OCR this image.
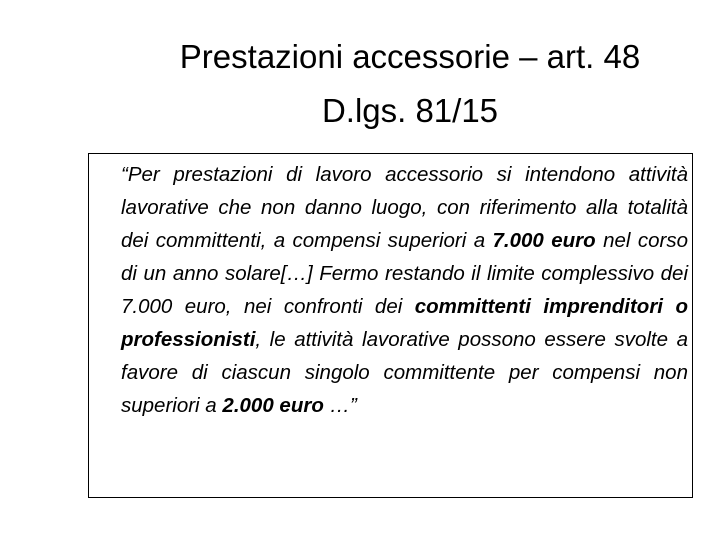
Prestazioni accessorie – art. 48
D.lgs. 81/15

“Per prestazioni di lavoro accessorio si intendono attività lavorative che non danno luogo, con riferimento alla totalità dei committenti, a compensi superiori a 7.000 euro nel corso di un anno solare[…] Fermo restando il limite complessivo dei 7.000 euro, nei confronti dei committenti imprenditori o professionisti, le attività lavorative possono essere svolte a favore di ciascun singolo committente per compensi non superiori a 2.000 euro …”
